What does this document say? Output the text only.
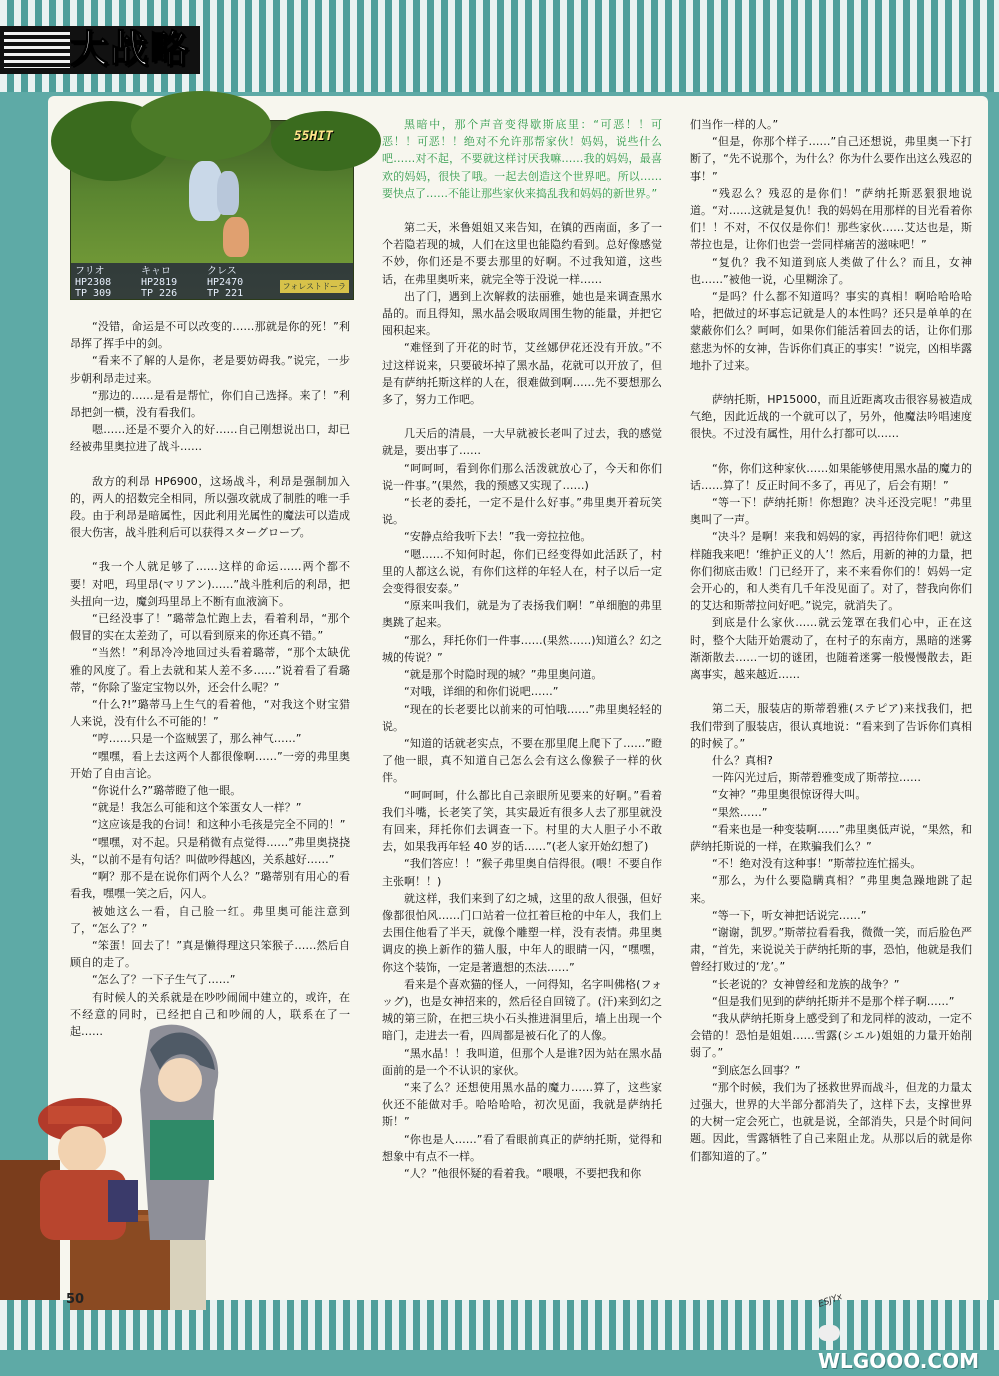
大战略
55HIT
フリオ
HP2308
TP 309
キャロ
HP2819
TP 226
クレス
HP2470
TP 221
フォレストドーラ

“没错，命运是不可以改变的……那就是你的死！”利昂挥了挥手中的剑。

“看来不了解的人是你，老是要妨碍我。”说完，一步步朝利昂走过来。

“那边的……是看是帮忙，你们自己选择。来了！”利昂把剑一横，没有看我们。

嗯……还是不要介入的好……自己刚想说出口，却已经被弗里奥拉进了战斗……

敌方的利昂 HP6900，这场战斗，利昂是强制加入的，两人的招数完全相同，所以强攻就成了制胜的唯一手段。由于利昂是暗属性，因此利用光属性的魔法可以造成很大伤害，战斗胜利后可以获得スターグローブ。

“我一个人就足够了……这样的命运……两个都不要！对吧，玛里昂(マリアン)……”战斗胜利后的利昂，把头扭向一边，魔剑玛里昂上不断有血液滴下。

“已经没事了！”璐蒂急忙跑上去，看着利昂，“那个假冒的实在太差劲了，可以看到原来的你还真不错。”

“当然！”利昂冷冷地回过头看着璐蒂，“那个太缺优雅的风度了。看上去就和某人差不多……”说着看了看璐蒂，“你除了鉴定宝物以外，还会什么呢？”

“什么?!”璐蒂马上生气的看着他，“对我这个财宝猎人来说，没有什么不可能的！”

“哼……只是一个盗贼罢了，那么神气……”

“嘿嘿，看上去这两个人都很像啊……”一旁的弗里奥开始了自由言论。

“你说什么?”璐蒂瞪了他一眼。

“就是！我怎么可能和这个笨蛋女人一样？”

“这应该是我的台词！和这种小毛孩是完全不同的！”

“嘿嘿，对不起。只是稍微有点觉得……”弗里奥挠挠头，“以前不是有句话？叫做吵得越凶，关系越好……”

“啊？那不是在说你们两个人么？”璐蒂别有用心的看看我，嘿嘿一笑之后，闪人。

被她这么一看，自己脸一红。弗里奥可能注意到了，“怎么了？”

“笨蛋！回去了！”真是懒得理这只笨猴子……然后自顾自的走了。

“怎么了？一下子生气了……”

有时候人的关系就是在吵吵闹闹中建立的，或许，在不经意的同时，已经把自己和吵闹的人，联系在了一起……

黑暗中，那个声音变得歇斯底里：“可恶！！可恶！！可恶！！绝对不允许那帮家伙！妈妈，说些什么吧……对不起，不要就这样讨厌我嘛……我的妈妈，最喜欢的妈妈，很快了哦。一起去创造这个世界吧。所以……要快点了……不能让那些家伙来捣乱我和妈妈的新世界。”

第二天，米鲁姐姐又来告知，在镇的西南面，多了一个若隐若现的城，人们在这里也能隐约看到。总好像感觉不妙，你们还是不要去那里的好啊。不过我知道，这些话，在弗里奥听来，就完全等于没说一样……

出了门，遇到上次解救的法丽雅，她也是来调查黑水晶的。而且得知，黑水晶会吸取周围生物的能量，并把它囤积起来。

“难怪到了开花的时节，艾丝娜伊花还没有开放。”不过这样说来，只要破坏掉了黑水晶，花就可以开放了，但是有萨纳托斯这样的人在，很难做到啊……先不要想那么多了，努力工作吧。

几天后的清晨，一大早就被长老叫了过去，我的感觉就是，要出事了……

“呵呵呵，看到你们那么活泼就放心了，今天和你们说一件事。”(果然，我的预感又实现了……)

“长老的委托，一定不是什么好事。”弗里奥开着玩笑说。

“安静点给我听下去！”我一旁拉拉他。

“嗯……不知何时起，你们已经变得如此活跃了，村里的人都这么说，有你们这样的年轻人在，村子以后一定会变得很安泰。”

“原来叫我们，就是为了表扬我们啊！”单细胞的弗里奥跳了起来。

“那么，拜托你们一件事……(果然……)知道么？幻之城的传说？”

“就是那个时隐时现的城？”弗里奥问道。

“对哦，详细的和你们说吧……”

“现在的长老要比以前来的可怕哦……”弗里奥轻轻的说。

“知道的话就老实点，不要在那里爬上爬下了……”瞪了他一眼，真不知道自己怎么会有这么像猴子一样的伙伴。

“呵呵呵，什么都比自己亲眼所见要来的好啊。”看着我们斗嘴，长老笑了笑，其实最近有很多人去了那里就没有回来，拜托你们去调查一下。村里的大人胆子小不敢去，如果我再年轻 40 岁的话……”(老人家开始幻想了)

“我们答应！！”猴子弗里奥自信得很。(喂！不要自作主张啊！！)

就这样，我们来到了幻之城，这里的敌人很强，但好像都很怕风……门口站着一位扛着巨枪的中年人，我们上去围住他看了半天，就像个雕塑一样，没有表情。弗里奥调皮的换上新作的猫人服，中年人的眼睛一闪，“嘿嘿，你这个装饰，一定是著遣想的杰法……”

看来是个喜欢猫的怪人，一问得知，名字叫佛格(フォッグ)，也是女神招来的，然后径自回镜了。(汗)来到幻之城的第三阶，在把三块小石头推进洞里后，墙上出现一个暗门，走进去一看，四周都是被石化了的人像。

“黑水晶！！我叫道，但那个人是谁?因为站在黑水晶面前的是一个不认识的家伙。

“来了么？还想使用黑水晶的魔力……算了，这些家伙还不能做对手。哈哈哈哈，初次见面，我就是萨纳托斯！”

“你也是人……”看了看眼前真正的萨纳托斯，觉得和想象中有点不一样。

“人？”他很怀疑的看着我。“喂喂，不要把我和你

们当作一样的人。”

“但是，你那个样子……”自己还想说，弗里奥一下打断了，“先不说那个，为什么？你为什么要作出这么残忍的事！”

“残忍么？残忍的是你们！”萨纳托斯恶狠狠地说道。“对……这就是复仇！我的妈妈在用那样的目光看着你们！！不对，不仅仅是你们！那些家伙……艾达也是，斯蒂拉也是，让你们也尝一尝同样痛苦的滋味吧！”

“复仇？我不知道到底人类做了什么？而且，女神也……”被他一说，心里糊涂了。

“是吗？什么都不知道吗？事实的真相！啊哈哈哈哈哈，把做过的坏事忘记就是人的本性吗？还只是单单的在蒙蔽你们么？呵呵，如果你们能活着回去的话，让你们那慈悲为怀的女神，告诉你们真正的事实！”说完，凶相毕露地扑了过来。

萨纳托斯，HP15000，而且近距离攻击很容易被造成气绝，因此近战的一个就可以了，另外，他魔法吟唱速度很快。不过没有属性，用什么打都可以……

“你，你们这种家伙……如果能够使用黑水晶的魔力的话……算了！反正时间不多了，再见了，后会有期！”

“等一下！萨纳托斯！你想跑？决斗还没完呢！”弗里奥叫了一声。

“决斗？是啊！来我和妈妈的家，再招待你们吧！就这样随我来吧！‘维护正义的人’！然后，用新的神的力量，把你们彻底击败！门已经开了，来不来看你们的！妈妈一定会开心的，和人类有几千年没见面了。对了，替我向你们的艾达和斯蒂拉问好吧。”说完，就消失了。

到底是什么家伙……就云笼罩在我们心中，正在这时，整个大陆开始震动了，在村子的东南方，黑暗的迷雾渐渐散去……一切的谜团，也随着迷雾一般慢慢散去，距离事实，越来越近……

第二天，服装店的斯蒂碧雅(ステピア)来找我们，把我们带到了服装店，很认真地说：“看来到了告诉你们真相的时候了。”

什么？真相?

一阵闪光过后，斯蒂碧雅变成了斯蒂拉……

“女神？”弗里奥很惊讶得大叫。

“果然……”

“看来也是一种变装啊……”弗里奥低声说，“果然，和萨纳托斯说的一样，在欺骗我们么？”

“不！绝对没有这种事！”斯蒂拉连忙摇头。

“那么，为什么要隐瞒真相？”弗里奥急躁地跳了起来。

“等一下，听女神把话说完……”

“谢谢，凯罗。”斯蒂拉看看我，微微一笑，而后脸色严肃，“首先，来说说关于萨纳托斯的事，恐怕，他就是我们曾经打败过的‘龙’。”

“长老说的？女神曾经和龙族的战争？”

“但是我们见到的萨纳托斯并不是那个样子啊……”

“我从萨纳托斯身上感受到了和龙同样的波动，一定不会错的！恐怕是姐姐……雪露(シエル)姐姐的力量开始削弱了。”

“到底怎么回事？”

“那个时候，我们为了拯救世界而战斗，但龙的力量太过强大，世界的大半部分都消失了，这样下去，支撑世界的大树一定会死亡，也就是说，全部消失，只是个时间问题。因此，雪露牺牲了自己来阻止龙。从那以后的就是你们都知道的了。”

50	ESJYx
WLGOOO.COM
